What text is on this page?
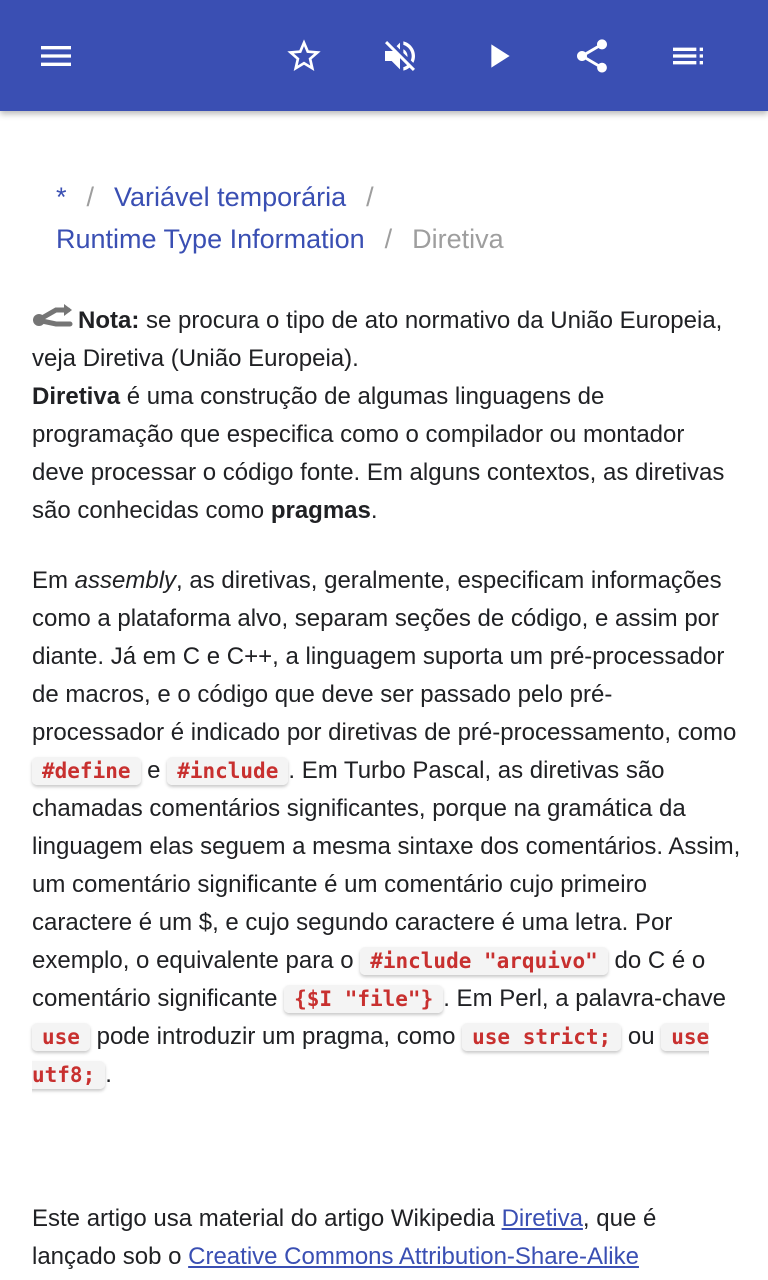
* / Variável temporária /
Runtime Type Information / Diretiva

Nota: se procura o tipo de ato normativo da União Europeia, veja Diretiva (União Europeia).
Diretiva é uma construção de algumas linguagens de programação que especifica como o compilador ou montador deve processar o código fonte. Em alguns contextos, as diretivas são conhecidas como pragmas.

Em assembly, as diretivas, geralmente, especificam informações como a plataforma alvo, separam seções de código, e assim por diante. Já em C e C++, a linguagem suporta um pré-processador de macros, e o código que deve ser passado pelo pré-processador é indicado por diretivas de pré-processamento, como #define e #include . Em Turbo Pascal, as diretivas são chamadas comentários significantes, porque na gramática da linguagem elas seguem a mesma sintaxe dos comentários. Assim, um comentário significante é um comentário cujo primeiro caractere é um $, e cujo segundo caractere é uma letra. Por exemplo, o equivalente para o #include "arquivo" do C é o comentário significante {$I "file"} . Em Perl, a palavra-chave use pode introduzir um pragma, como use strict; ou use utf8; .

Este artigo usa material do artigo Wikipedia Diretiva, que é lançado sob o Creative Commons Attribution-Share-Alike
